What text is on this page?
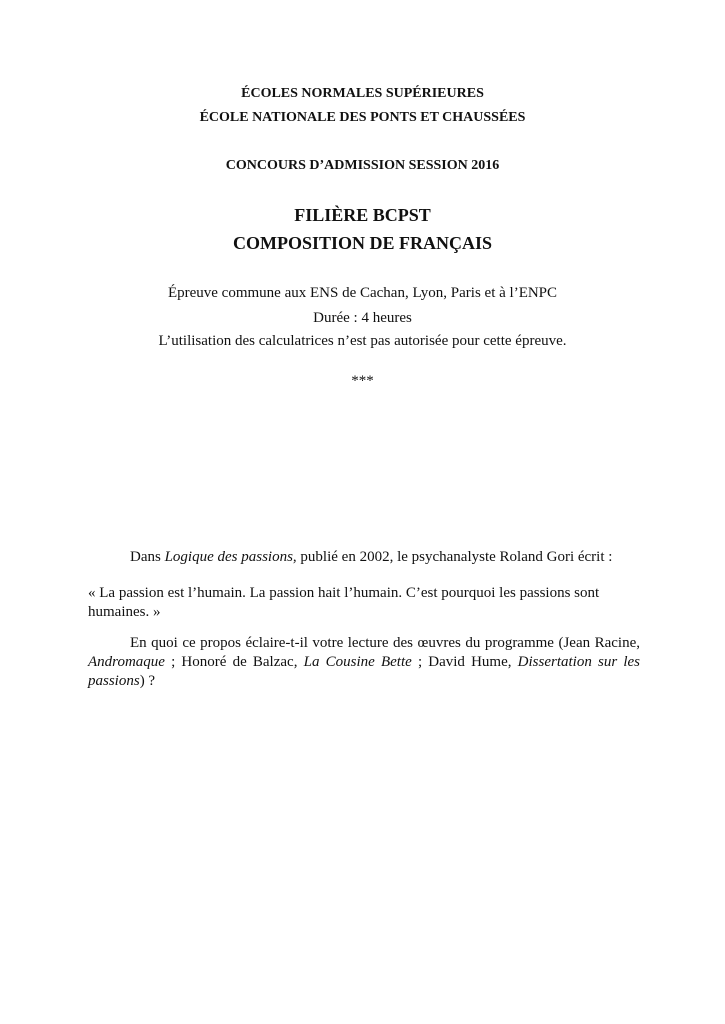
ÉCOLES NORMALES SUPÉRIEURES
ÉCOLE NATIONALE DES PONTS ET CHAUSSÉES
CONCOURS D’ADMISSION SESSION 2016
FILIÈRE BCPST
COMPOSITION DE FRANÇAIS
Épreuve commune aux ENS de Cachan, Lyon, Paris et à l’ENPC
Durée : 4 heures
L’utilisation des calculatrices n’est pas autorisée pour cette épreuve.
***
Dans Logique des passions, publié en 2002, le psychanalyste Roland Gori écrit :
« La passion est l’humain. La passion hait l’humain. C’est pourquoi les passions sont humaines. »
En quoi ce propos éclaire-t-il votre lecture des œuvres du programme (Jean Racine, Andromaque ; Honoré de Balzac, La Cousine Bette ; David Hume, Dissertation sur les passions) ?
